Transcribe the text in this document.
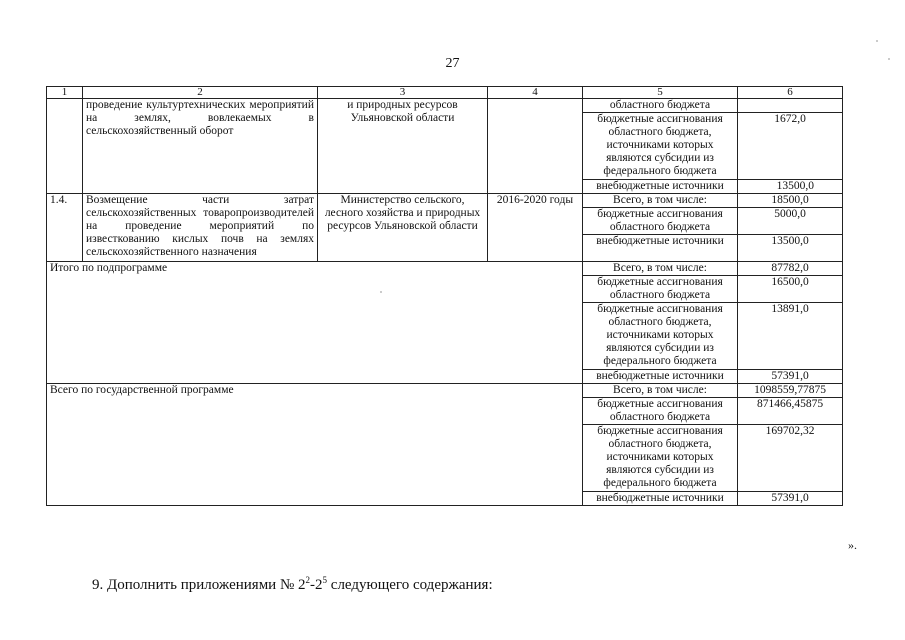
27
1	2	3	4	5	6
	проведение культуртехнических мероприятий на землях, вовлекаемых в сельскохозяйственный оборот	и природных ресурсов Ульяновской области		областного бюджета	
				бюджетные ассигнования областного бюджета, источниками которых являются субсидии из федерального бюджета	1672,0
				внебюджетные источники	13500,0
1.4.	Возмещение части затрат сельскохозяйственных товаропроизводителей на проведение мероприятий по известкованию кислых почв на землях сельскохозяйственного назначения	Министерство сельского, лесного хозяйства и природных ресурсов Ульяновской области	2016-2020 годы	Всего, в том числе:	18500,0
				бюджетные ассигнования областного бюджета	5000,0
				внебюджетные источники	13500,0
Итого по подпрограмме				Всего, в том числе:	87782,0
				бюджетные ассигнования областного бюджета	16500,0
				бюджетные ассигнования областного бюджета, источниками которых являются субсидии из федерального бюджета	13891,0
				внебюджетные источники	57391,0
Всего по государственной программе				Всего, в том числе:	1098559,77875
				бюджетные ассигнования областного бюджета	871466,45875
				бюджетные ассигнования областного бюджета, источниками которых являются субсидии из федерального бюджета	169702,32
				внебюджетные источники	57391,0
».
9. Дополнить приложениями № $2^2-2^5$ следующего содержания:
